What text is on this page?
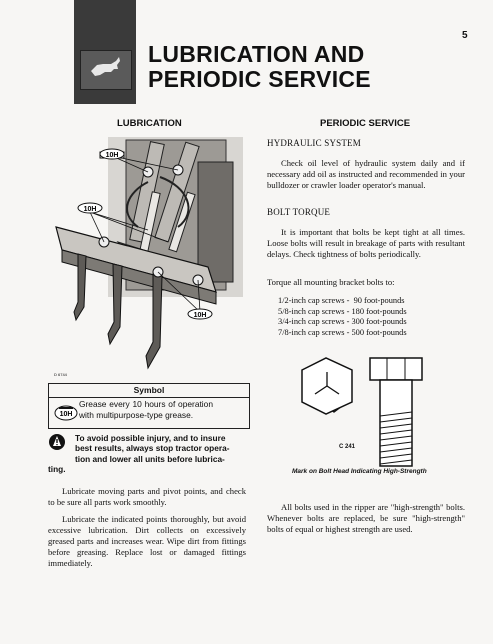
5
LUBRICATION AND
PERIODIC SERVICE
LUBRICATION
10H
10H
10H
D 6744
Symbol
10H
Grease every 10 hours of operation with multipurpose-type grease.
To avoid possible injury, and to insure
best results, always stop tractor opera-
tion and lower all units before lubrica-
ting.
Lubricate moving parts and pivot points, and check to be sure all parts work smoothly.
Lubricate the indicated points thoroughly, but avoid excessive lubrication. Dirt collects on excessively greased parts and increases wear. Wipe dirt from fittings before greasing. Replace lost or damaged fittings immediately.
PERIODIC SERVICE
HYDRAULIC SYSTEM
Check oil level of hydraulic system daily and if necessary add oil as instructed and recommended in your bulldozer or crawler loader operator's manual.
BOLT TORQUE
It is important that bolts be kept tight at all times. Loose bolts will result in breakage of parts with resultant delays. Check tightness of bolts periodically.
Torque all mounting bracket bolts to:
1/2-inch cap screws -  90 foot-pounds
5/8-inch cap screws - 180 foot-pounds
3/4-inch cap screws - 300 foot-pounds
7/8-inch cap screws - 500 foot-pounds
C 241
Mark on Bolt Head Indicating High-Strength
All bolts used in the ripper are "high-strength" bolts. Whenever bolts are replaced, be sure "high-strength" bolts of equal or highest strength are used.
